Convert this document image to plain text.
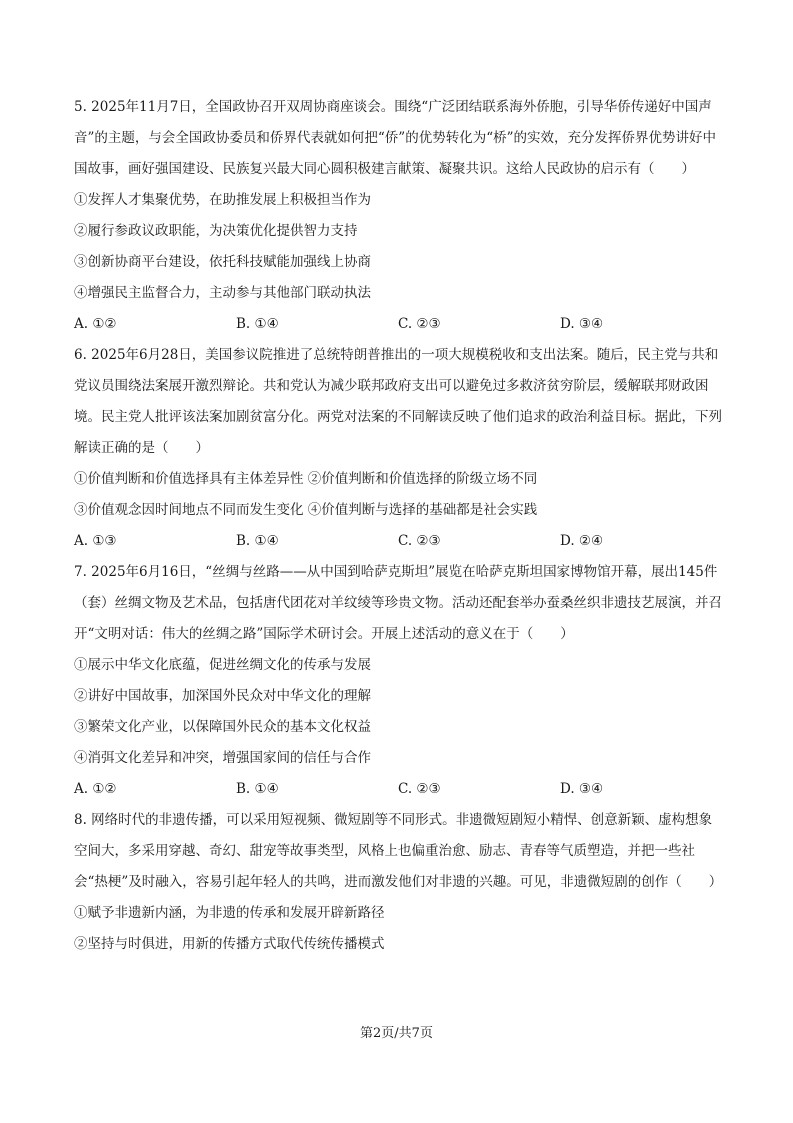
5. 2025年11月7日，全国政协召开双周协商座谈会。围绕“广泛团结联系海外侨胞，引导华侨传递好中国声音”的主题，与会全国政协委员和侨界代表就如何把“侨”的优势转化为“桥”的实效，充分发挥侨界优势讲好中国故事，画好强国建设、民族复兴最大同心圆积极建言献策、凝聚共识。这给人民政协的启示有（　　）
①发挥人才集聚优势，在助推发展上积极担当作为
②履行参政议政职能，为决策优化提供智力支持
③创新协商平台建设，依托科技赋能加强线上协商
④增强民主监督合力，主动参与其他部门联动执法
A. ①②	B. ①④	C. ②③	D. ③④
6. 2025年6月28日，美国参议院推进了总统特朗普推出的一项大规模税收和支出法案。随后，民主党与共和党议员围绕法案展开激烈辩论。共和党认为减少联邦政府支出可以避免过多救济贫穷阶层，缓解联邦财政困境。民主党人批评该法案加剧贫富分化。两党对法案的不同解读反映了他们追求的政治利益目标。据此，下列解读正确的是（　　）
①价值判断和价值选择具有主体差异性 ②价值判断和价值选择的阶级立场不同
③价值观念因时间地点不同而发生变化 ④价值判断与选择的基础都是社会实践
A. ①③	B. ①④	C. ②③	D. ②④
7. 2025年6月16日，“丝绸与丝路——从中国到哈萨克斯坦”展览在哈萨克斯坦国家博物馆开幕，展出145件（套）丝绸文物及艺术品，包括唐代团花对羊纹绫等珍贵文物。活动还配套举办蚕桑丝织非遗技艺展演，并召开“文明对话：伟大的丝绸之路”国际学术研讨会。开展上述活动的意义在于（　　）
①展示中华文化底蕴，促进丝绸文化的传承与发展
②讲好中国故事，加深国外民众对中华文化的理解
③繁荣文化产业，以保障国外民众的基本文化权益
④消弭文化差异和冲突，增强国家间的信任与合作
A. ①②	B. ①④	C. ②③	D. ③④
8. 网络时代的非遗传播，可以采用短视频、微短剧等不同形式。非遗微短剧短小精悍、创意新颖、虚构想象空间大，多采用穿越、奇幻、甜宠等故事类型，风格上也偏重治愈、励志、青春等气质塑造，并把一些社会“热梗”及时融入，容易引起年轻人的共鸣，进而激发他们对非遗的兴趣。可见，非遗微短剧的创作（　　）
①赋予非遗新内涵，为非遗的传承和发展开辟新路径
②坚持与时俱进，用新的传播方式取代传统传播模式
第2页/共7页
